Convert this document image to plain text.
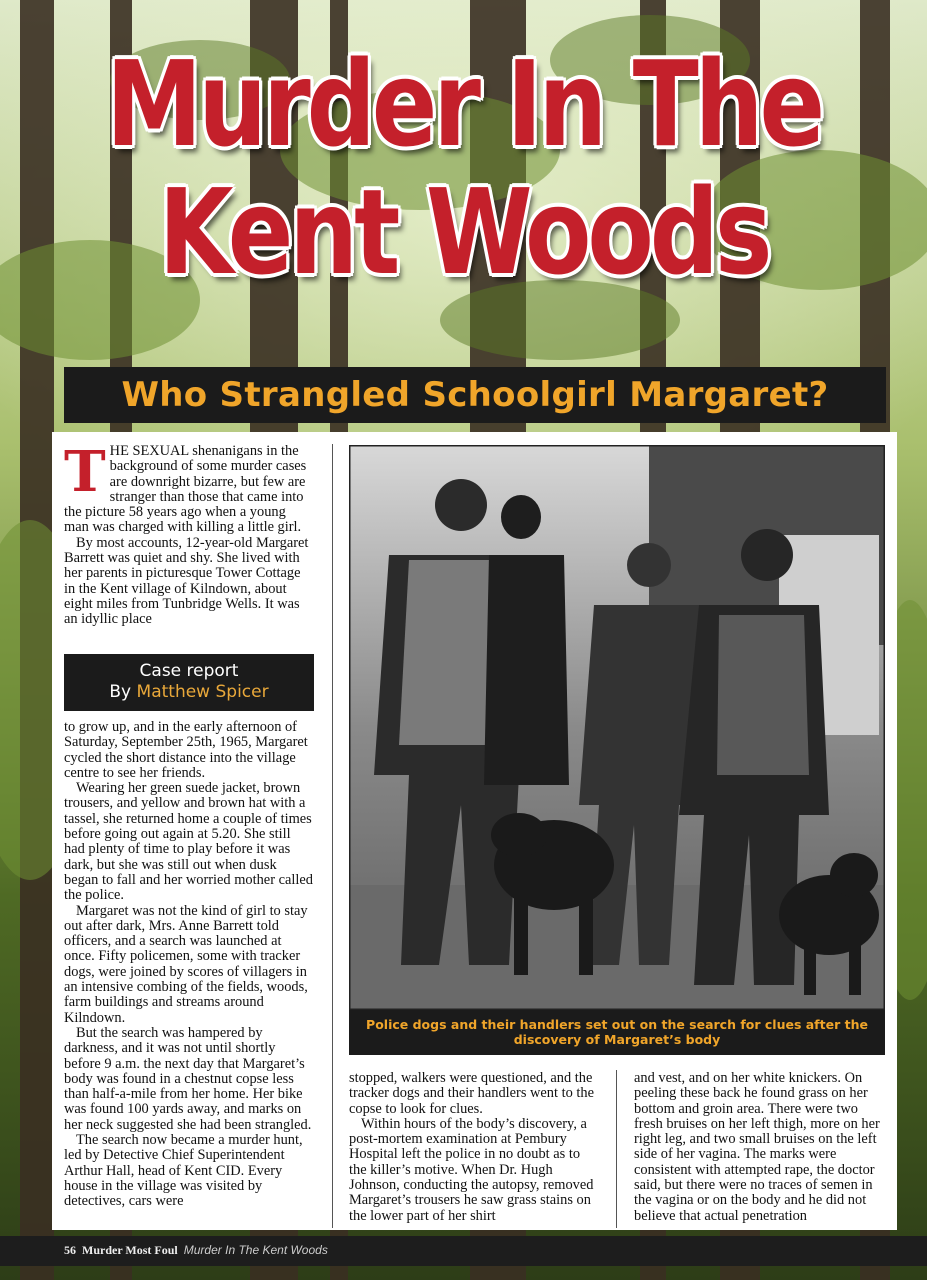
Murder In The
Kent Woods
Who Strangled Schoolgirl Margaret?

THE SEXUAL shenanigans in the background of some murder cases are downright bizarre, but few are stranger than those that came into the picture 58 years ago when a young man was charged with killing a little girl.

By most accounts, 12-year-old Margaret Barrett was quiet and shy. She lived with her parents in picturesque Tower Cottage in the Kent village of Kilndown, about eight miles from Tunbridge Wells. It was an idyllic place

Case report
By Matthew Spicer

to grow up, and in the early afternoon of Saturday, September 25th, 1965, Margaret cycled the short distance into the village centre to see her friends.

Wearing her green suede jacket, brown trousers, and yellow and brown hat with a tassel, she returned home a couple of times before going out again at 5.20. She still had plenty of time to play before it was dark, but she was still out when dusk began to fall and her worried mother called the police.

Margaret was not the kind of girl to stay out after dark, Mrs. Anne Barrett told officers, and a search was launched at once. Fifty policemen, some with tracker dogs, were joined by scores of villagers in an intensive combing of the fields, woods, farm buildings and streams around Kilndown.

But the search was hampered by darkness, and it was not until shortly before 9 a.m. the next day that Margaret’s body was found in a chestnut copse less than half-a-mile from her home. Her bike was found 100 yards away, and marks on her neck suggested she had been strangled.

The search now became a murder hunt, led by Detective Chief Superintendent Arthur Hall, head of Kent CID. Every house in the village was visited by detectives, cars were

Police dogs and their handlers set out on the search for clues after the discovery of Margaret’s body

stopped, walkers were questioned, and the tracker dogs and their handlers went to the copse to look for clues.

Within hours of the body’s discovery, a post-mortem examination at Pembury Hospital left the police in no doubt as to the killer’s motive. When Dr. Hugh Johnson, conducting the autopsy, removed Margaret’s trousers he saw grass stains on the lower part of her shirt

and vest, and on her white knickers. On peeling these back he found grass on her bottom and groin area. There were two fresh bruises on her left thigh, more on her right leg, and two small bruises on the left side of her vagina. The marks were consistent with attempted rape, the doctor said, but there were no traces of semen in the vagina or on the body and he did not believe that actual penetration

56 Murder Most Foul Murder In The Kent Woods
